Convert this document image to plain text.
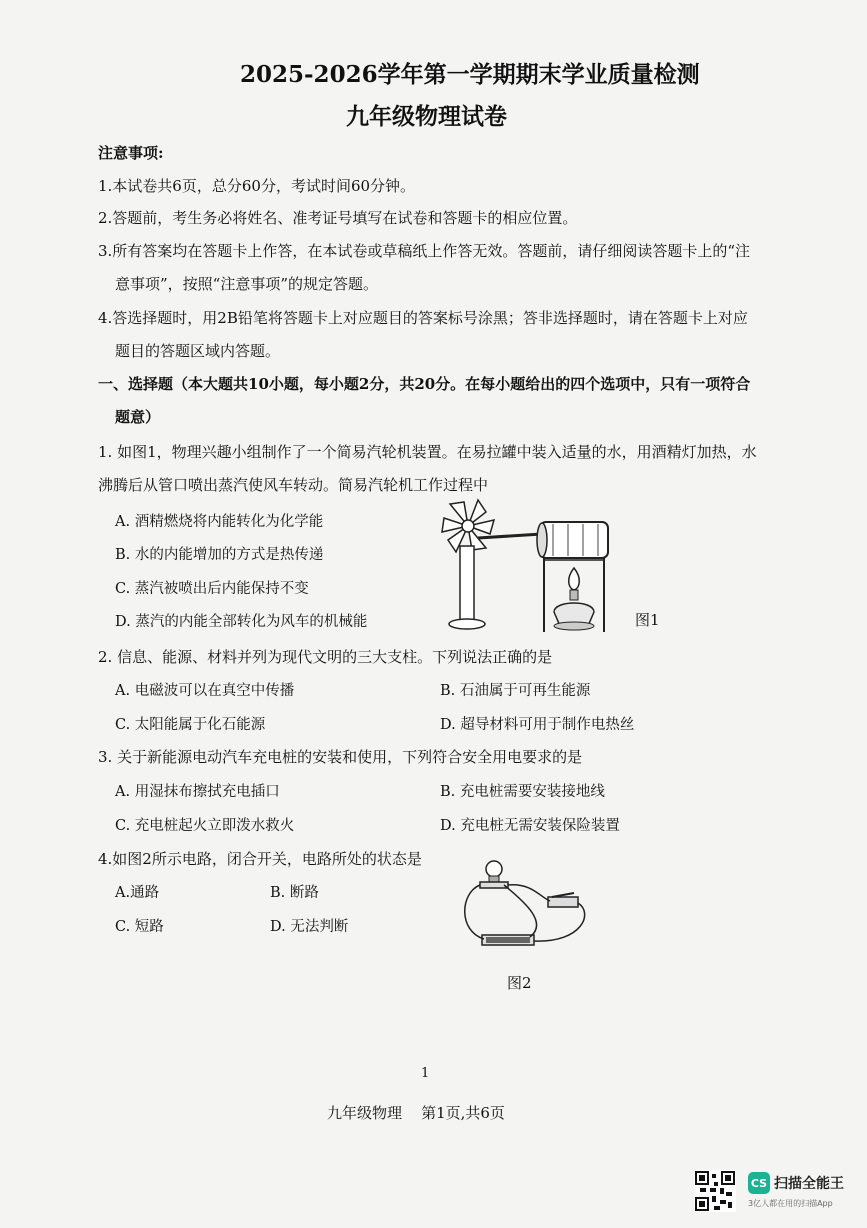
2025-2026学年第一学期期末学业质量检测
九年级物理试卷
注意事项:
1.本试卷共6页，总分60分，考试时间60分钟。
2.答题前，考生务必将姓名、准考证号填写在试卷和答题卡的相应位置。
3.所有答案均在答题卡上作答，在本试卷或草稿纸上作答无效。答题前，请仔细阅读答题卡上的“注
意事项”，按照“注意事项”的规定答题。
4.答选择题时，用2B铅笔将答题卡上对应题目的答案标号涂黑；答非选择题时，请在答题卡上对应
题目的答题区域内答题。
一、选择题（本大题共10小题，每小题2分，共20分。在每小题给出的四个选项中，只有一项符合
题意）
1. 如图1，物理兴趣小组制作了一个简易汽轮机装置。在易拉罐中装入适量的水，用酒精灯加热，水
沸腾后从管口喷出蒸汽使风车转动。简易汽轮机工作过程中
A. 酒精燃烧将内能转化为化学能
B. 水的内能增加的方式是热传递
C. 蒸汽被喷出后内能保持不变
D. 蒸汽的内能全部转化为风车的机械能	图1
2. 信息、能源、材料并列为现代文明的三大支柱。下列说法正确的是
A. 电磁波可以在真空中传播	B. 石油属于可再生能源
C. 太阳能属于化石能源	D. 超导材料可用于制作电热丝
3. 关于新能源电动汽车充电桩的安装和使用，下列符合安全用电要求的是
A. 用湿抹布擦拭充电插口	B. 充电桩需要安装接地线
C. 充电桩起火立即泼水救火	D. 充电桩无需安装保险装置
4.如图2所示电路，闭合开关，电路所处的状态是
A.通路	B. 断路
C. 短路	D. 无法判断
图2
1
九年级物理    第1页,共6页
CS 扫描全能王
3亿人都在用的扫描App
